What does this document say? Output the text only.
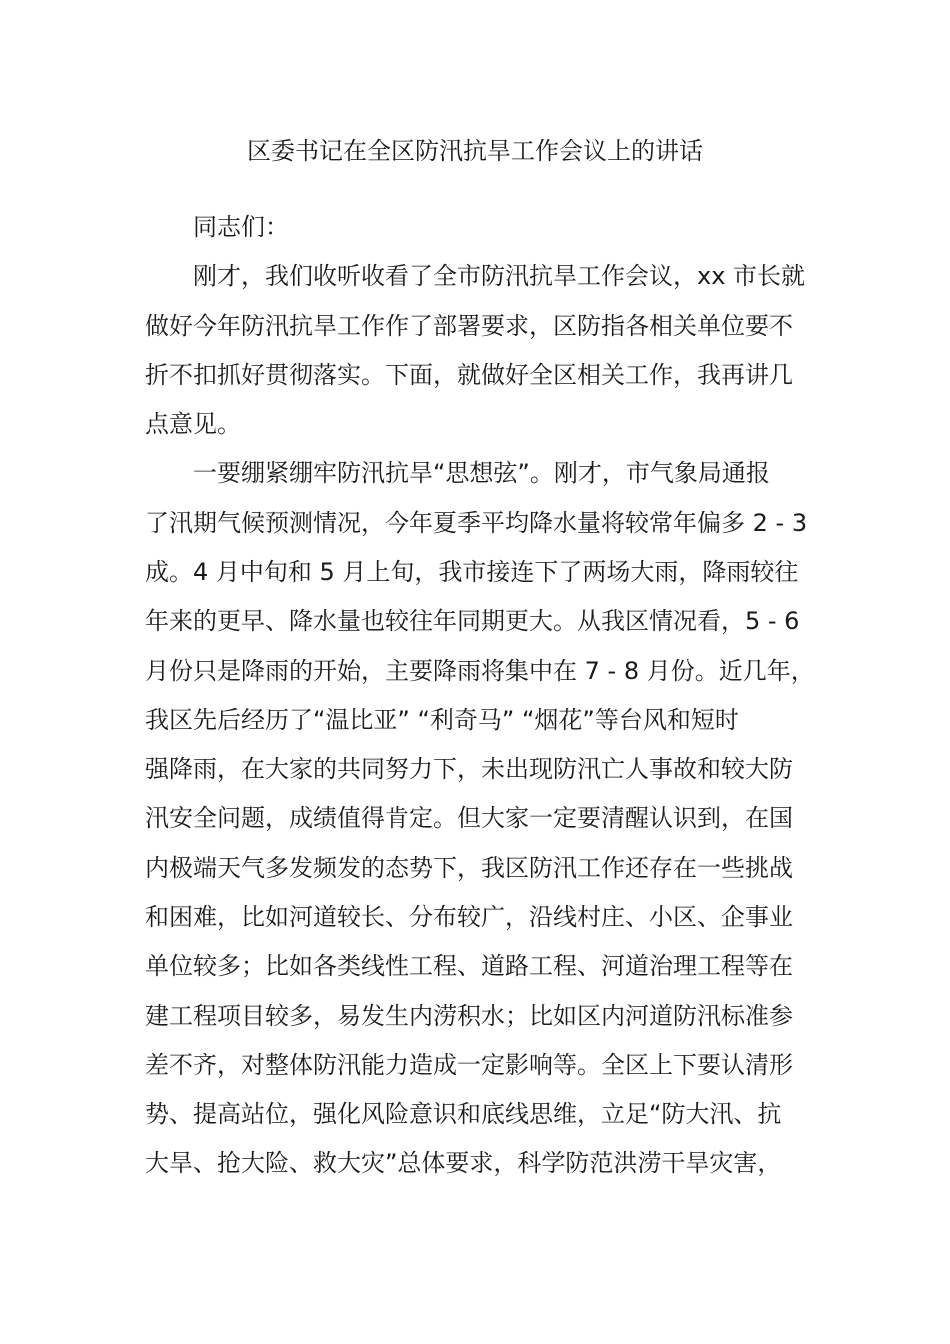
区委书记在全区防汛抗旱工作会议上的讲话
同志们：
刚才，我们收听收看了全市防汛抗旱工作会议，xx 市长就
做好今年防汛抗旱工作作了部署要求，区防指各相关单位要不
折不扣抓好贯彻落实。下面，就做好全区相关工作，我再讲几
点意见。
一要绷紧绷牢防汛抗旱“思想弦”。刚才，市气象局通报
了汛期气候预测情况，今年夏季平均降水量将较常年偏多 2 - 3
成。4 月中旬和 5 月上旬，我市接连下了两场大雨，降雨较往
年来的更早、降水量也较往年同期更大。从我区情况看，5 - 6
月份只是降雨的开始，主要降雨将集中在 7 - 8 月份。近几年，
我区先后经历了“温比亚” “利奇马” “烟花”等台风和短时
强降雨，在大家的共同努力下，未出现防汛亡人事故和较大防
汛安全问题，成绩值得肯定。但大家一定要清醒认识到，在国
内极端天气多发频发的态势下，我区防汛工作还存在一些挑战
和困难，比如河道较长、分布较广，沿线村庄、小区、企事业
单位较多；比如各类线性工程、道路工程、河道治理工程等在
建工程项目较多，易发生内涝积水；比如区内河道防汛标准参
差不齐，对整体防汛能力造成一定影响等。全区上下要认清形
势、提高站位，强化风险意识和底线思维，立足“防大汛、抗
大旱、抢大险、救大灾”总体要求，科学防范洪涝干旱灾害，
